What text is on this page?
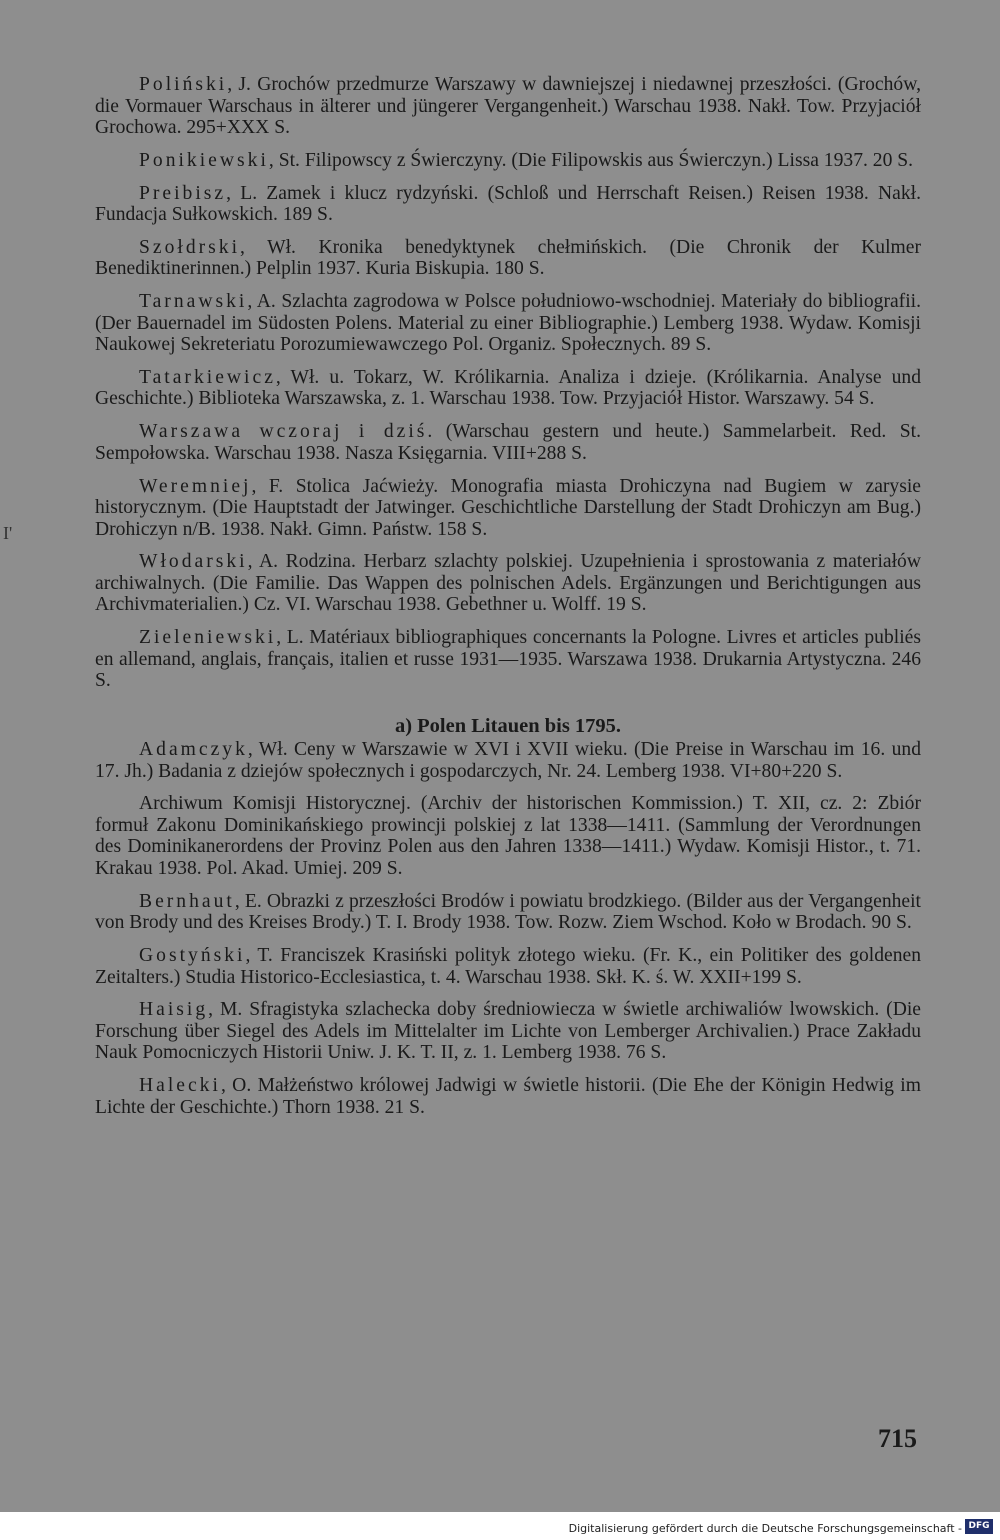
Poliński, J. Grochów przedmurze Warszawy w dawniejszej i niedawnej przeszłości. (Grochów, die Vormauer Warschaus in älterer und jüngerer Vergangenheit.) Warschau 1938. Nakł. Tow. Przyjaciół Grochowa. 295+XXX S.

Ponikiewski, St. Filipowscy z Świerczyny. (Die Filipowskis aus Świerczyn.) Lissa 1937. 20 S.

Preibisz, L. Zamek i klucz rydzyński. (Schloß und Herrschaft Reisen.) Reisen 1938. Nakł. Fundacja Sułkowskich. 189 S.

Szołdrski, Wł. Kronika benedyktynek chełmińskich. (Die Chronik der Kulmer Benediktinerinnen.) Pelplin 1937. Kuria Biskupia. 180 S.

Tarnawski, A. Szlachta zagrodowa w Polsce południowo-wschodniej. Materiały do bibliografii. (Der Bauernadel im Südosten Polens. Material zu einer Bibliographie.) Lemberg 1938. Wydaw. Komisji Naukowej Sekreteriatu Porozumiewawczego Pol. Organiz. Społecznych. 89 S.

Tatarkiewicz, Wł. u. Tokarz, W. Królikarnia. Analiza i dzieje. (Królikarnia. Analyse und Geschichte.) Biblioteka Warszawska, z. 1. Warschau 1938. Tow. Przyjaciół Histor. Warszawy. 54 S.

Warszawa wczoraj i dziś. (Warschau gestern und heute.) Sammelarbeit. Red. St. Sempołowska. Warschau 1938. Nasza Księgarnia. VIII+288 S.

Weremniej, F. Stolica Jaćwieży. Monografia miasta Drohiczyna nad Bugiem w zarysie historycznym. (Die Hauptstadt der Jatwinger. Geschichtliche Darstellung der Stadt Drohiczyn am Bug.) Drohiczyn n/B. 1938. Nakł. Gimn. Państw. 158 S.

Włodarski, A. Rodzina. Herbarz szlachty polskiej. Uzupełnienia i sprostowania z materiałów archiwalnych. (Die Familie. Das Wappen des polnischen Adels. Ergänzungen und Berichtigungen aus Archivmaterialien.) Cz. VI. Warschau 1938. Gebethner u. Wolff. 19 S.

Zieleniewski, L. Matériaux bibliographiques concernants la Pologne. Livres et articles publiés en allemand, anglais, français, italien et russe 1931—1935. Warszawa 1938. Drukarnia Artystyczna. 246 S.

a) Polen Litauen bis 1795.

Adamczyk, Wł. Ceny w Warszawie w XVI i XVII wieku. (Die Preise in Warschau im 16. und 17. Jh.) Badania z dziejów społecznych i gospodarczych, Nr. 24. Lemberg 1938. VI+80+220 S.

Archiwum Komisji Historycznej. (Archiv der historischen Kommission.) T. XII, cz. 2: Zbiór formuł Zakonu Dominikańskiego prowincji polskiej z lat 1338—1411. (Sammlung der Verordnungen des Dominikanerordens der Provinz Polen aus den Jahren 1338—1411.) Wydaw. Komisji Histor., t. 71. Krakau 1938. Pol. Akad. Umiej. 209 S.

Bernhaut, E. Obrazki z przeszłości Brodów i powiatu brodzkiego. (Bilder aus der Vergangenheit von Brody und des Kreises Brody.) T. I. Brody 1938. Tow. Rozw. Ziem Wschod. Koło w Brodach. 90 S.

Gostyński, T. Franciszek Krasiński polityk złotego wieku. (Fr. K., ein Politiker des goldenen Zeitalters.) Studia Historico-Ecclesiastica, t. 4. Warschau 1938. Skł. K. ś. W. XXII+199 S.

Haisig, M. Sfragistyka szlachecka doby średniowiecza w świetle archiwaliów lwowskich. (Die Forschung über Siegel des Adels im Mittelalter im Lichte von Lemberger Archivalien.) Prace Zakładu Nauk Pomocniczych Historii Uniw. J. K. T. II, z. 1. Lemberg 1938. 76 S.

Halecki, O. Małżeństwo królowej Jadwigi w świetle historii. (Die Ehe der Königin Hedwig im Lichte der Geschichte.) Thorn 1938. 21 S.

I'
715
Digitalisierung gefördert durch die Deutsche Forschungsgemeinschaft - DFG
